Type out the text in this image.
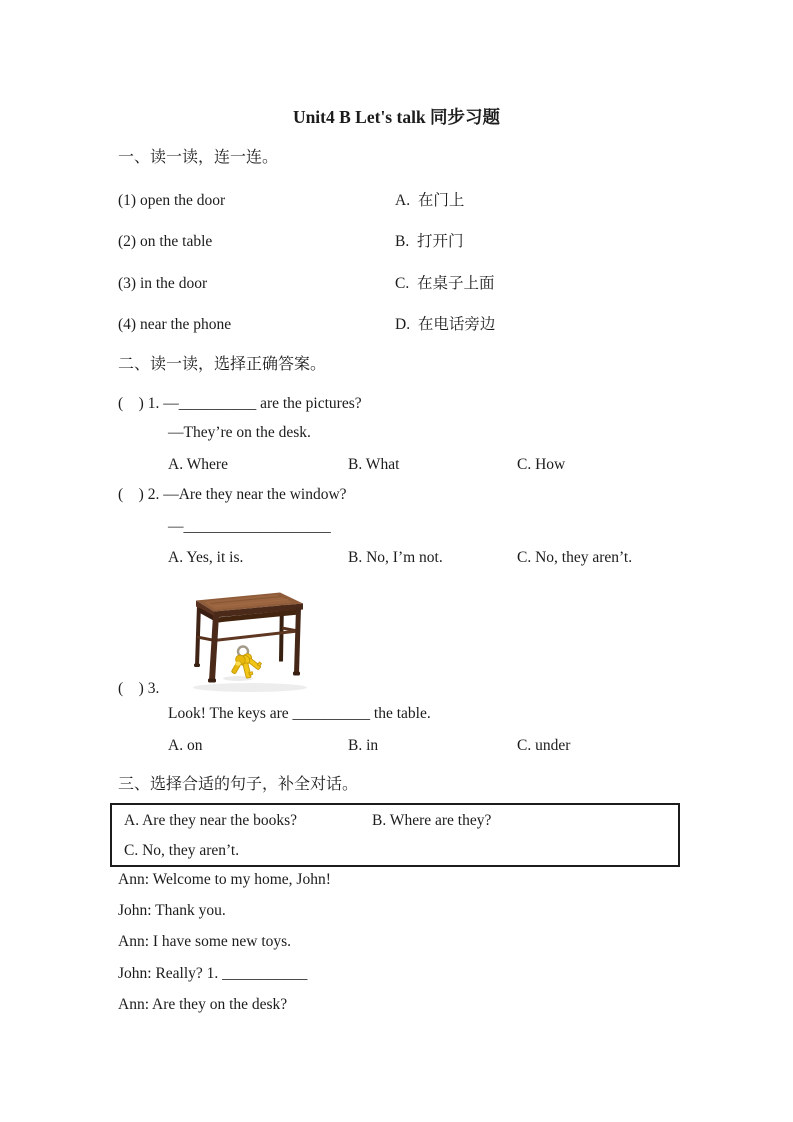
Unit4 B Let's talk 同步习题
一、读一读，连一连。
(1) open the door	A.  在门上
(2) on the table	B.  打开门
(3) in the door	C.  在桌子上面
(4) near the phone	D.  在电话旁边
二、读一读，选择正确答案。
(    ) 1. —__________ are the pictures?
—They’re on the desk.
A. Where	B. What	C. How
(    ) 2. —Are they near the window?
—___________________
A. Yes, it is.	B. No, I’m not.	C. No, they aren’t.
(    ) 3.
Look! The keys are __________ the table.
A. on	B. in	C. under
三、选择合适的句子，补全对话。
A. Are they near the books?	B. Where are they?
C. No, they aren’t.
Ann: Welcome to my home, John!
John: Thank you.
Ann: I have some new toys.
John: Really? 1. ___________
Ann: Are they on the desk?
